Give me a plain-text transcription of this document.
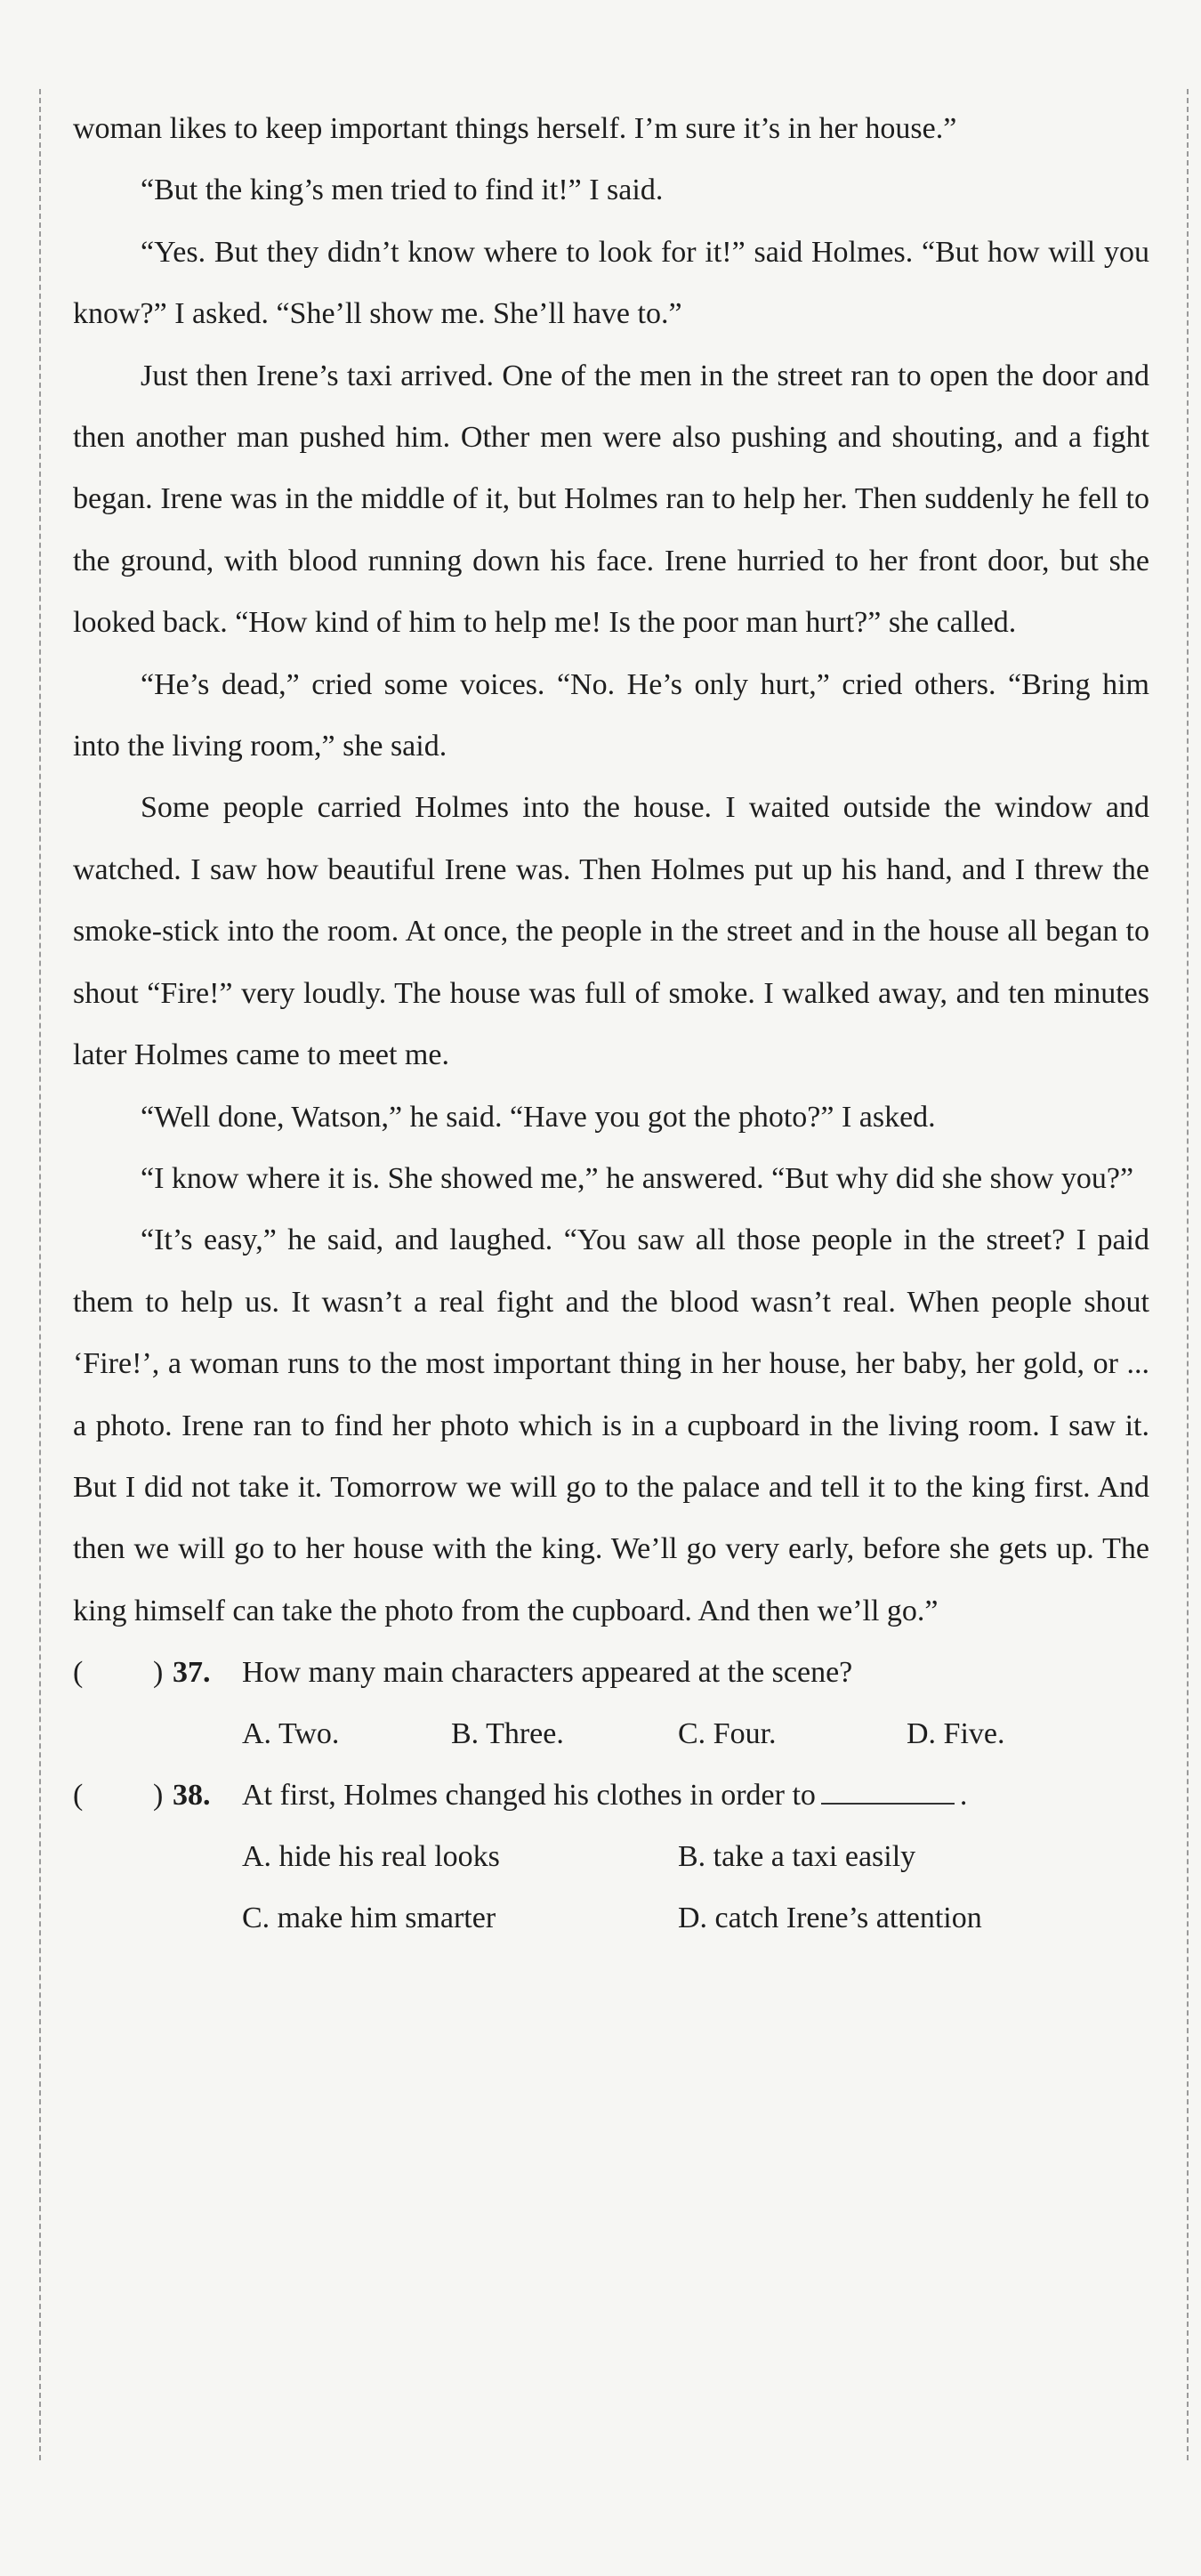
woman likes to keep important things herself. I’m sure it’s in her house.”

“But the king’s men tried to find it!” I said.

“Yes. But they didn’t know where to look for it!” said Holmes. “But how will you know?” I asked. “She’ll show me. She’ll have to.”

Just then Irene’s taxi arrived. One of the men in the street ran to open the door and then another man pushed him. Other men were also pushing and shouting, and a fight began. Irene was in the middle of it, but Holmes ran to help her. Then suddenly he fell to the ground, with blood running down his face. Irene hurried to her front door, but she looked back. “How kind of him to help me! Is the poor man hurt?” she called.

“He’s dead,” cried some voices. “No. He’s only hurt,” cried others. “Bring him into the living room,” she said.

Some people carried Holmes into the house. I waited outside the window and watched. I saw how beautiful Irene was. Then Holmes put up his hand, and I threw the smoke-stick into the room. At once, the people in the street and in the house all began to shout “Fire!” very loudly. The house was full of smoke. I walked away, and ten minutes later Holmes came to meet me.

“Well done, Watson,” he said. “Have you got the photo?” I asked.

“I know where it is. She showed me,” he answered. “But why did she show you?”

“It’s easy,” he said, and laughed. “You saw all those people in the street? I paid them to help us. It wasn’t a real fight and the blood wasn’t real. When people shout ‘Fire!’, a woman runs to the most important thing in her house, her baby, her gold, or ... a photo. Irene ran to find her photo which is in a cupboard in the living room. I saw it. But I did not take it. Tomorrow we will go to the palace and tell it to the king first. And then we will go to her house with the king. We’ll go very early, before she gets up. The king himself can take the photo from the cupboard. And then we’ll go.”

( ) 37. How many main characters appeared at the scene?
A. Two.	B. Three.	C. Four.	D. Five.
( ) 38. At first, Holmes changed his clothes in order to	.
A. hide his real looks	B. take a taxi easily
C. make him smarter	D. catch Irene’s attention
